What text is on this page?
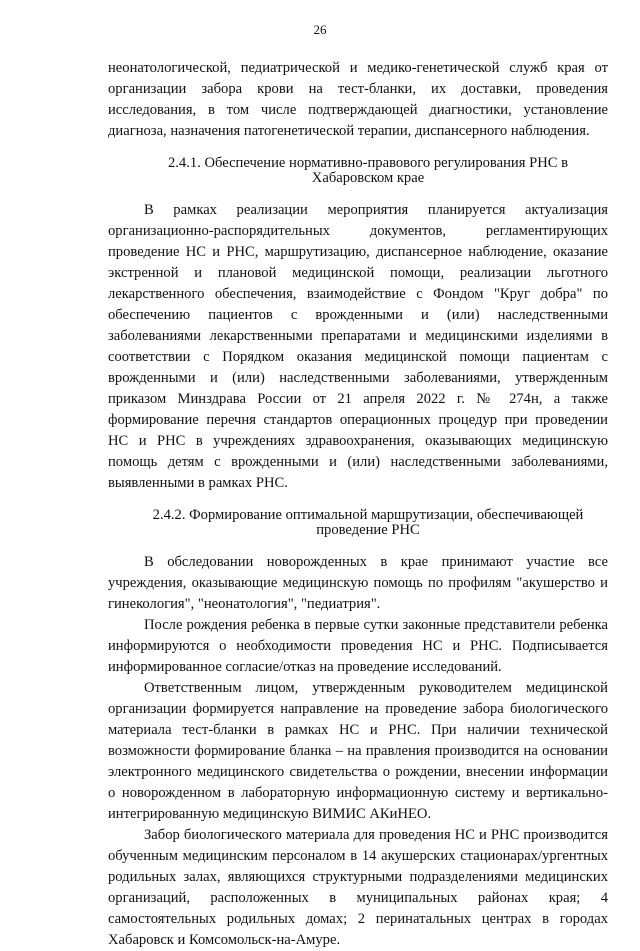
26

неонатологической, педиатрической и медико-генетической служб края от организации забора крови на тест-бланки, их доставки, проведения исследования, в том числе подтверждающей диагностики, установление диагноза, назначения патогенетической терапии, диспансерного наблюдения.

2.4.1. Обеспечение нормативно-правового регулирования РНС в
Хабаровском крае

В рамках реализации мероприятия планируется актуализация организационно-распорядительных документов, регламентирующих проведение НС и РНС, маршрутизацию, диспансерное наблюдение, оказание экстренной и плановой медицинской помощи, реализации льготного лекарственного обеспечения, взаимодействие с Фондом "Круг добра" по обеспечению пациентов с врожденными и (или) наследственными заболеваниями лекарственными препаратами и медицинскими изделиями в соответствии с Порядком оказания медицинской помощи пациентам с врожденными и (или) наследственными заболеваниями, утвержденным приказом Минздрава России от 21 апреля 2022 г. № 274н, а также формирование перечня стандартов операционных процедур при проведении НС и РНС в учреждениях здравоохранения, оказывающих медицинскую помощь детям с врожденными и (или) наследственными заболеваниями, выявленными в рамках РНС.

2.4.2. Формирование оптимальной маршрутизации, обеспечивающей
проведение РНС

В обследовании новорожденных в крае принимают участие все учреждения, оказывающие медицинскую помощь по профилям "акушерство и гинекология", "неонатология", "педиатрия".

После рождения ребенка в первые сутки законные представители ребенка информируются о необходимости проведения НС и РНС. Подписывается информированное согласие/отказ на проведение исследований.

Ответственным лицом, утвержденным руководителем медицинской организации формируется направление на проведение забора биологического материала тест-бланки в рамках НС и РНС. При наличии технической возможности формирование бланка – на правления производится на основании электронного медицинского свидетельства о рождении, внесении информации о новорожденном в лабораторную информационную систему и вертикально-интегрированную медицинскую ВИМИС АКиНЕО.

Забор биологического материала для проведения НС и РНС производится обученным медицинским персоналом в 14 акушерских стационарах/ургентных родильных залах, являющихся структурными подразделениями медицинских организаций, расположенных в муниципальных районах края; 4 самостоятельных родильных домах; 2 перинатальных центрах в городах Хабаровск и Комсомольск-на-Амуре.
